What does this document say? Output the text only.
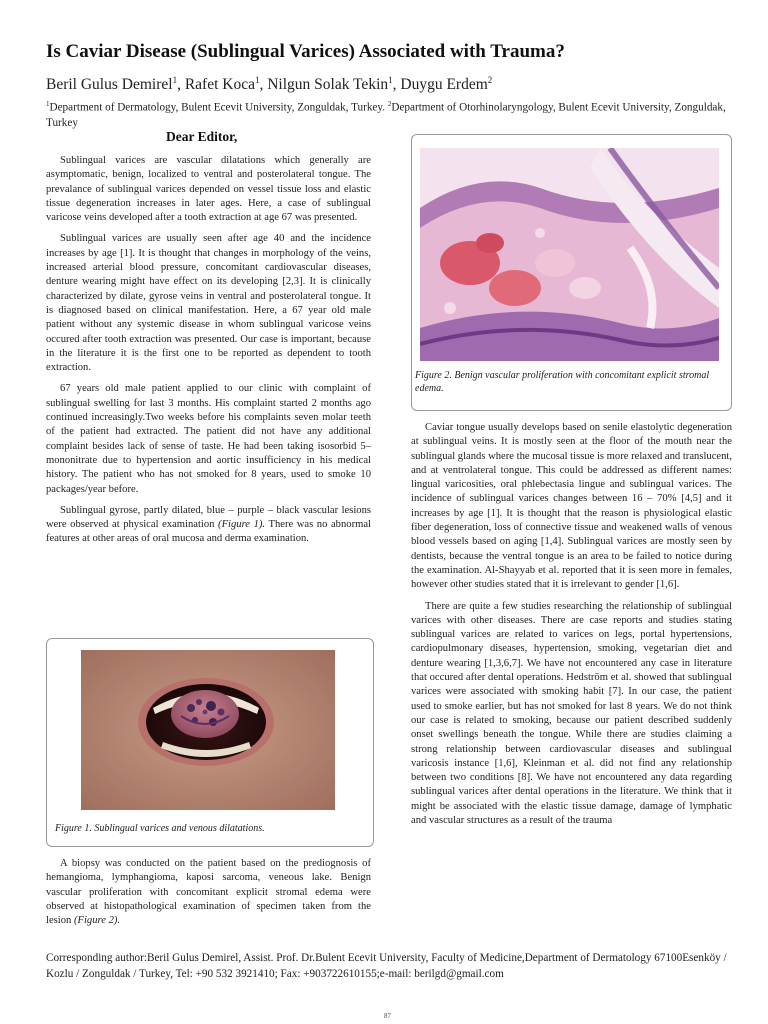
Is Caviar Disease (Sublingual Varices) Associated with Trauma?
Beril Gulus Demirel$^1$, Rafet Koca$^1$, Nilgun Solak Tekin$^1$, Duygu Erdem$^2$
$^1$Department of Dermatology, Bulent Ecevit University, Zonguldak, Turkey. $^2$Department of Otorhinolaryngology, Bulent Ecevit University, Zonguldak, Turkey
Dear Editor,

Sublingual varices are vascular dilatations which generally are asymptomatic, benign, localized to ventral and posterolateral tongue. The prevalance of sublingual varices depended on vessel tissue loss and elastic tissue degeneration increases in later ages. Here, a case of sublingual varicose veins developed after a tooth extraction at age 67 was presented.

Sublingual varices are usually seen after age 40 and the incidence increases by age [1]. It is thought that changes in morphology of the veins, increased arterial blood pressure, concomitant cardiovascular diseases, denture wearing might have effect on its developing [2,3]. It is clinically characterized by dilate, gyrose veins in ventral and posterolateral tongue. It is diagnosed based on clinical manifestation. Here, a 67 year old male patient without any systemic disease in whom sublingual varicose veins occured after tooth extraction was presented. Our case is important, because in the literature it is the first one to be reported as dependent to tooth extraction.

67 years old male patient applied to our clinic with complaint of sublingual swelling for last 3 months. His complaint started 2 months ago continued increasingly.Two weeks before his complaints seven molar teeth of the patient had extracted. The patient did not have any additional complaint besides lack of sense of taste. He had been taking isosorbid 5–mononitrate due to hypertension and aortic insufficiency in his medical history. The patient who has not smoked for 8 years, used to smoke 10 packages/year before.

Sublingual gyrose, partly dilated, blue – purple – black vascular lesions were observed at physical examination (Figure 1). There was no abnormal features at other areas of oral mucosa and derma examination.

Figure 1. Sublingual varices and venous dilatations.

A biopsy was conducted on the patient based on the prediognosis of hemangioma, lymphangioma, kaposi sarcoma, veneous lake. Benign vascular proliferation with concomitant explicit stromal edema were observed at histopathological examination of specimen taken from the lesion (Figure 2).

Figure 2. Benign vascular proliferation with concomitant explicit stromal edema.

Caviar tongue usually develops based on senile elastolytic degeneration at sublingual veins. It is mostly seen at the floor of the mouth near the sublingual glands where the mucosal tissue is more relaxed and translucent, and at ventrolateral tongue. This could be addressed as different names: lingual varicosities, oral phlebectasia lingue and sublingual varices. The incidence of sublingual varices changes between 16 – 70% [4,5] and it increases by age [1]. It is thought that the reason is physiological elastic fiber degeneration, loss of connective tissue and weakened walls of venous blood vessels based on aging [1,4]. Sublingual varices are mostly seen by dentists, because the ventral tongue is an area to be failed to notice during the examination. Al-Shayyab et al. reported that it is seen more in females, however other studies stated that it is irrelevant to gender [1,6].

There are quite a few studies researching the relationship of sublingual varices with other diseases. There are case reports and studies stating sublingual varices are related to varices on legs, portal hypertensions, cardiopulmonary diseases, hypertension, smoking, vegetarian diet and denture wearing [1,3,6,7]. We have not encountered any case in literature that occured after dental operations. Hedström et al. showed that sublingual varices were associated with smoking habit [7]. In our case, the patient used to smoke earlier, but has not smoked for last 8 years. We do not think our case is related to smoking, because our patient described suddenly onset swellings beneath the tongue. While there are studies claiming a strong relationship between cardiovascular diseases and sublingual varicosis instance [1,6], Kleinman et al. did not find any relationship between two conditions [8]. We have not encountered any data regarding sublingual varices after dental operations in the literature. We think that it might be associated with the elastic tissue damage, damage of lymphatic and vascular structures as a result of the trauma

Corresponding author:Beril Gulus Demirel, Assist. Prof. Dr.Bulent Ecevit University, Faculty of Medicine,Department of Dermatology 67100Esenköy / Kozlu / Zonguldak / Turkey, Tel: +90 532 3921410; Fax: +903722610155;e-mail: berilgd@gmail.com
87
